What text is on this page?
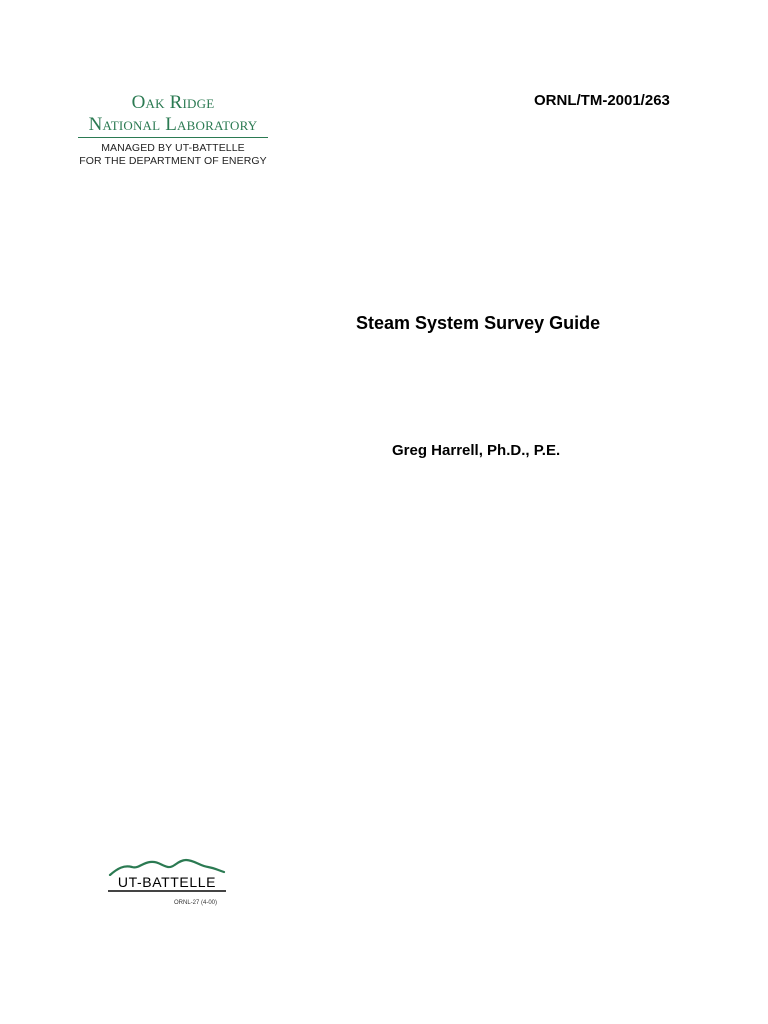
Oak Ridge
National Laboratory
MANAGED BY UT-BATTELLE
FOR THE DEPARTMENT OF ENERGY
ORNL/TM-2001/263
Steam System Survey Guide
Greg Harrell, Ph.D., P.E.
UT-BATTELLE
ORNL-27 (4-00)
